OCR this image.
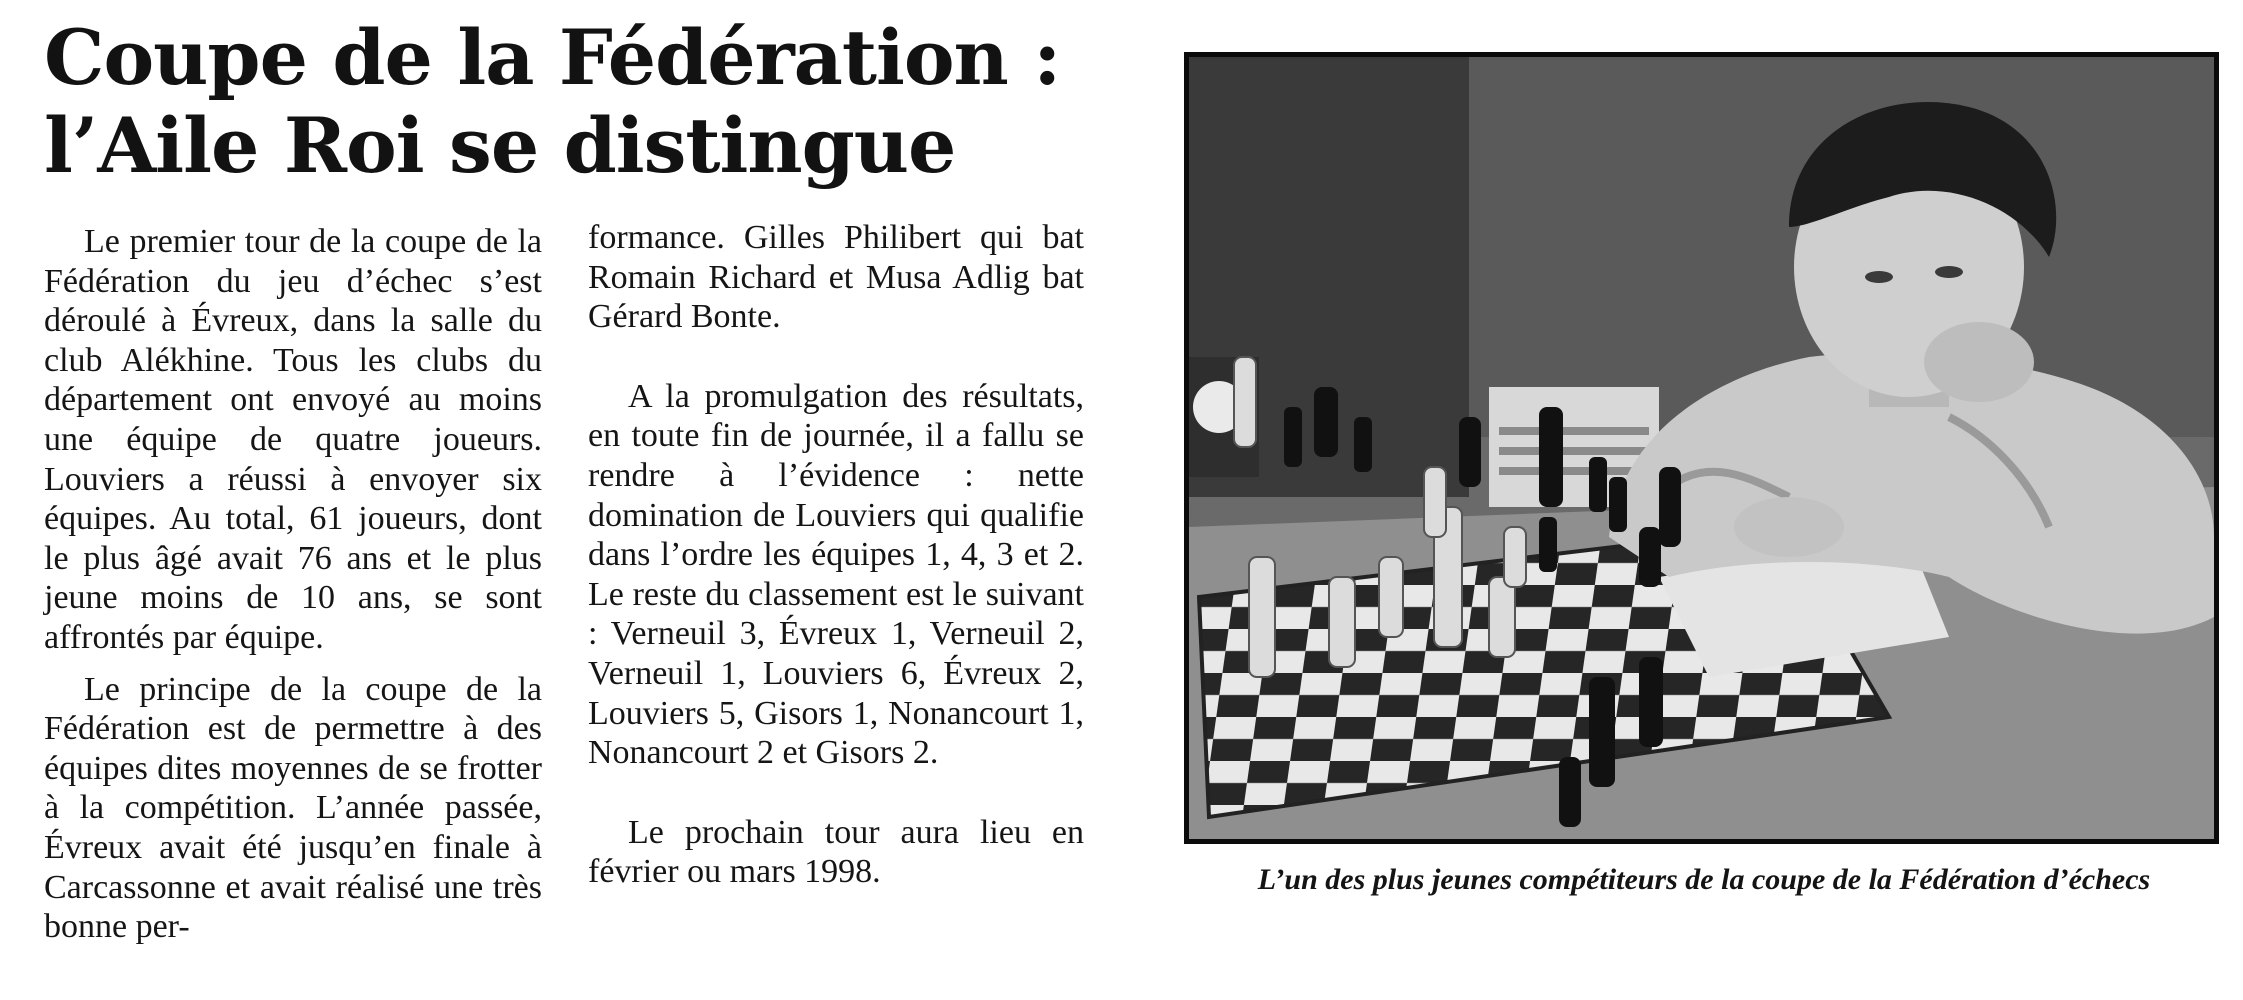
Coupe de la Fédération :
l’Aile Roi se distingue

Le premier tour de la coupe de la Fédération du jeu d’échec s’est déroulé à Évreux, dans la salle du club Alékhine. Tous les clubs du département ont envoyé au moins une équipe de quatre joueurs. Louviers a réussi à envoyer six équipes. Au total, 61 joueurs, dont le plus âgé avait 76 ans et le plus jeune moins de 10 ans, se sont affrontés par équipe.

Le principe de la coupe de la Fédération est de permettre à des équipes dites moyennes de se frotter à la compétition. L’année passée, Évreux avait été jusqu’en finale à Carcassonne et avait réalisé une très bonne per-

formance. Gilles Philibert qui bat Romain Richard et Musa Adlig bat Gérard Bonte.

A la promulgation des résultats, en toute fin de journée, il a fallu se rendre à l’évidence : nette domination de Louviers qui qualifie dans l’ordre les équipes 1, 4, 3 et 2. Le reste du classement est le suivant : Verneuil 3, Évreux 1, Verneuil 2, Verneuil 1, Louviers 6, Évreux 2, Louviers 5, Gisors 1, Nonancourt 1, Nonancourt 2 et Gisors 2.

Le prochain tour aura lieu en février ou mars 1998.	L’un des plus jeunes compétiteurs de la coupe de la Fédération d’échecs
